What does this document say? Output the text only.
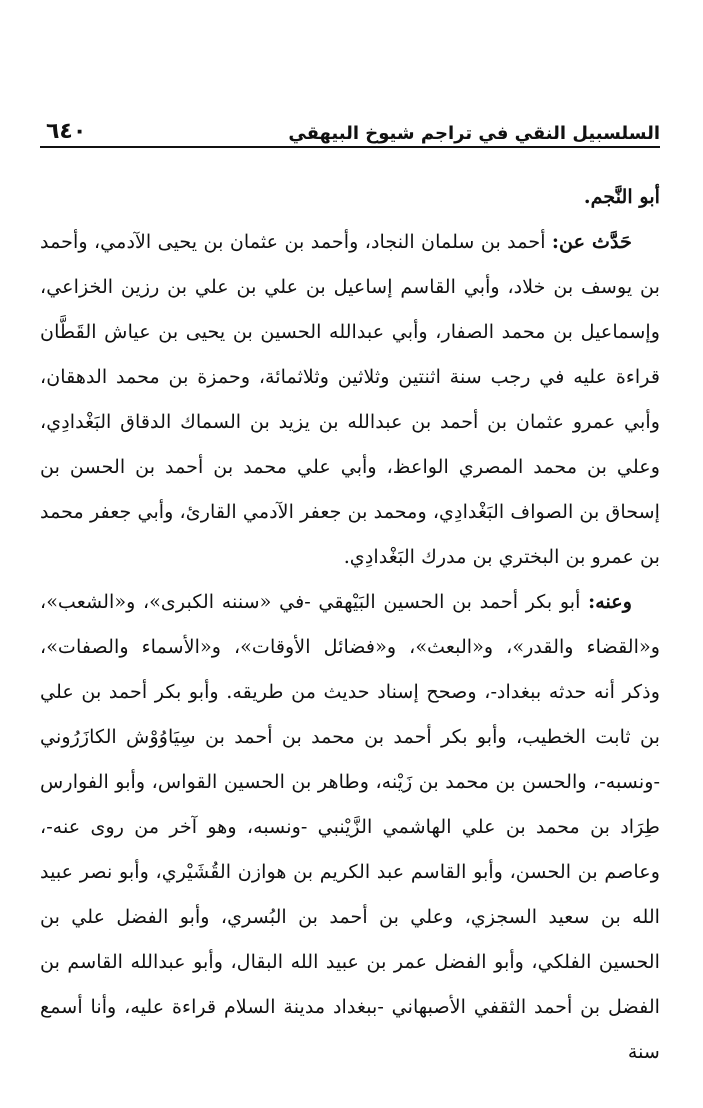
السلسبيل النقي في تراجم شيوخ البيهقي
٦٤٠

أبو النَّجم.

حَدَّث عن: أحمد بن سلمان النجاد، وأحمد بن عثمان بن يحيى الآدمي، وأحمد بن يوسف بن خلاد، وأبي القاسم إساعيل بن علي بن علي بن رزين الخزاعي، وإسماعيل بن محمد الصفار، وأبي عبدالله الحسين بن يحيى بن عياش القَطَّان قراءة عليه في رجب سنة اثنتين وثلاثين وثلاثمائة، وحمزة بن محمد الدهقان، وأبي عمرو عثمان بن أحمد بن عبدالله بن يزيد بن السماك الدقاق البَغْدادِي، وعلي بن محمد المصري الواعظ، وأبي علي محمد بن أحمد بن الحسن بن إسحاق بن الصواف البَغْدادِي، ومحمد بن جعفر الآدمي القارئ، وأبي جعفر محمد بن عمرو بن البختري بن مدرك البَغْدادِي.

وعنه: أبو بكر أحمد بن الحسين البَيْهقي -في «سننه الكبرى»، و«الشعب»، و«القضاء والقدر»، و«البعث»، و«فضائل الأوقات»، و«الأسماء والصفات»، وذكر أنه حدثه ببغداد-، وصحح إسناد حديث من طريقه. وأبو بكر أحمد بن علي بن ثابت الخطيب، وأبو بكر أحمد بن محمد بن أحمد بن سِيَاوُوْش الكازَرُوني -ونسبه-، والحسن بن محمد بن زَيْنه، وطاهر بن الحسين القواس، وأبو الفوارس طِرَاد بن محمد بن علي الهاشمي الزَّيْنبي -ونسبه، وهو آخر من روى عنه-، وعاصم بن الحسن، وأبو القاسم عبد الكريم بن هوازن القُشَيْري، وأبو نصر عبيد الله بن سعيد السجزي، وعلي بن أحمد بن البُسري، وأبو الفضل علي بن الحسين الفلكي، وأبو الفضل عمر بن عبيد الله البقال، وأبو عبدالله القاسم بن الفضل بن أحمد الثقفي الأصبهاني -ببغداد مدينة السلام قراءة عليه، وأنا أسمع سنة
